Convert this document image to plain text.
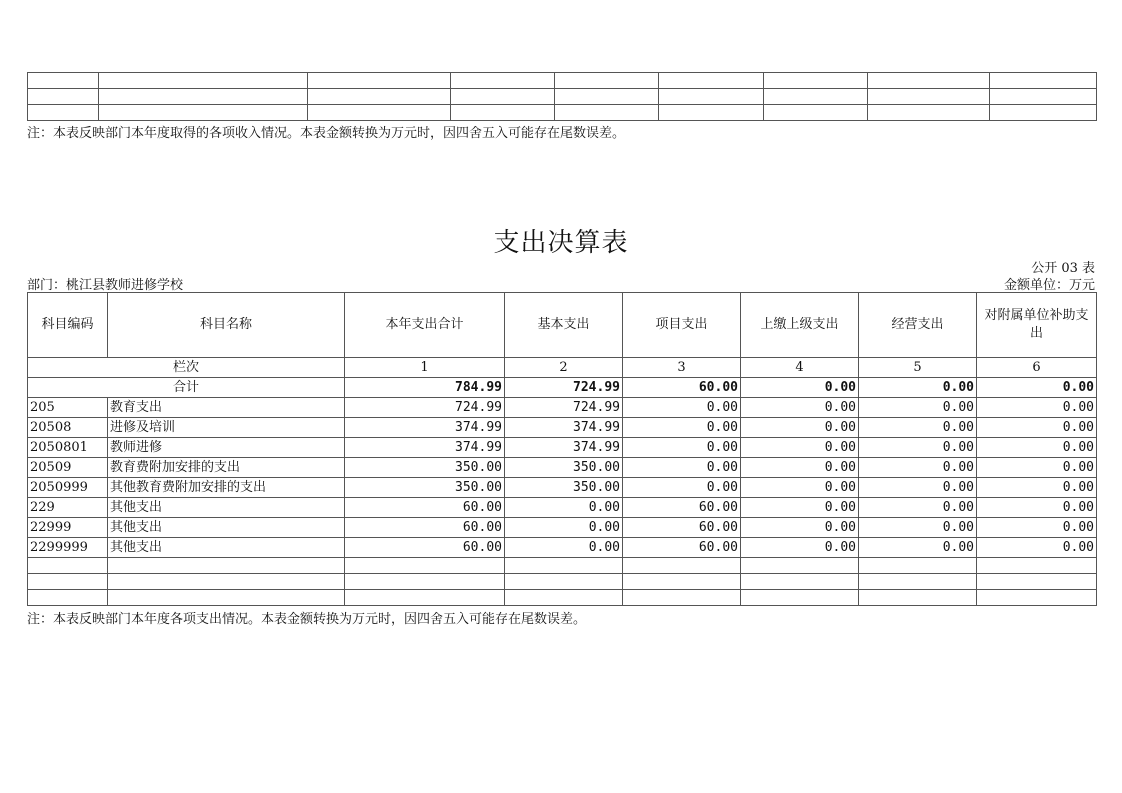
注：本表反映部门本年度取得的各项收入情况。本表金额转换为万元时，因四舍五入可能存在尾数误差。
支出决算表
公开 03 表
部门：桃江县教师进修学校	金额单位：万元
科目编码	科目名称	本年支出合计	基本支出	项目支出	上缴上级支出	经营支出	对附属单位补助支出
栏次		1	2	3	4	5	6
合计		784.99	724.99	60.00	0.00	0.00	0.00
205	教育支出	724.99	724.99	0.00	0.00	0.00	0.00
20508	进修及培训	374.99	374.99	0.00	0.00	0.00	0.00
2050801	教师进修	374.99	374.99	0.00	0.00	0.00	0.00
20509	教育费附加安排的支出	350.00	350.00	0.00	0.00	0.00	0.00
2050999	其他教育费附加安排的支出	350.00	350.00	0.00	0.00	0.00	0.00
229	其他支出	60.00	0.00	60.00	0.00	0.00	0.00
22999	其他支出	60.00	0.00	60.00	0.00	0.00	0.00
2299999	其他支出	60.00	0.00	60.00	0.00	0.00	0.00

注：本表反映部门本年度各项支出情况。本表金额转换为万元时，因四舍五入可能存在尾数误差。
